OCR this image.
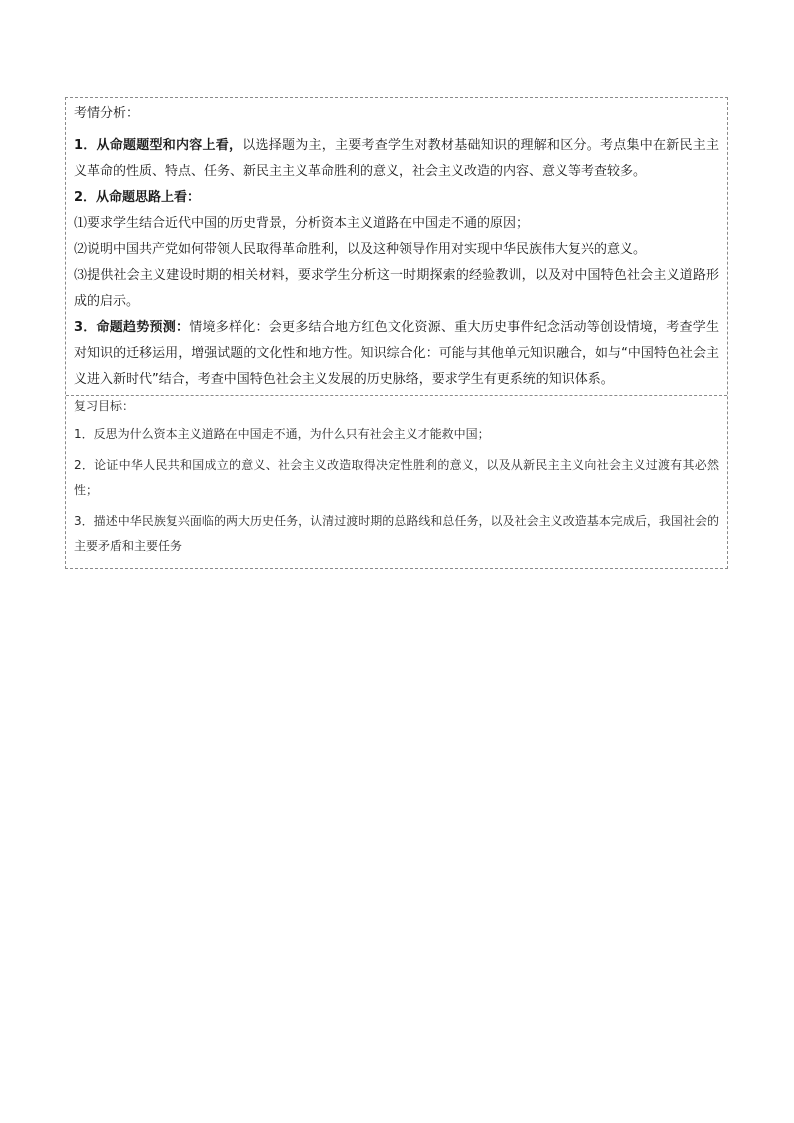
考情分析：

1．从命题题型和内容上看，以选择题为主，主要考查学生对教材基础知识的理解和区分。考点集中在新民主主义革命的性质、特点、任务、新民主主义革命胜利的意义，社会主义改造的内容、意义等考查较多。

2．从命题思路上看：

⑴要求学生结合近代中国的历史背景，分析资本主义道路在中国走不通的原因；

⑵说明中国共产党如何带领人民取得革命胜利，以及这种领导作用对实现中华民族伟大复兴的意义。

⑶提供社会主义建设时期的相关材料，要求学生分析这一时期探索的经验教训，以及对中国特色社会主义道路形成的启示。

3．命题趋势预测：情境多样化：会更多结合地方红色文化资源、重大历史事件纪念活动等创设情境，考查学生对知识的迁移运用，增强试题的文化性和地方性。知识综合化：可能与其他单元知识融合，如与“中国特色社会主义进入新时代”结合，考查中国特色社会主义发展的历史脉络，要求学生有更系统的知识体系。

复习目标：

1．反思为什么资本主义道路在中国走不通，为什么只有社会主义才能救中国；

2．论证中华人民共和国成立的意义、社会主义改造取得决定性胜利的意义，以及从新民主主义向社会主义过渡有其必然性；

3．描述中华民族复兴面临的两大历史任务，认清过渡时期的总路线和总任务，以及社会主义改造基本完成后，我国社会的主要矛盾和主要任务
